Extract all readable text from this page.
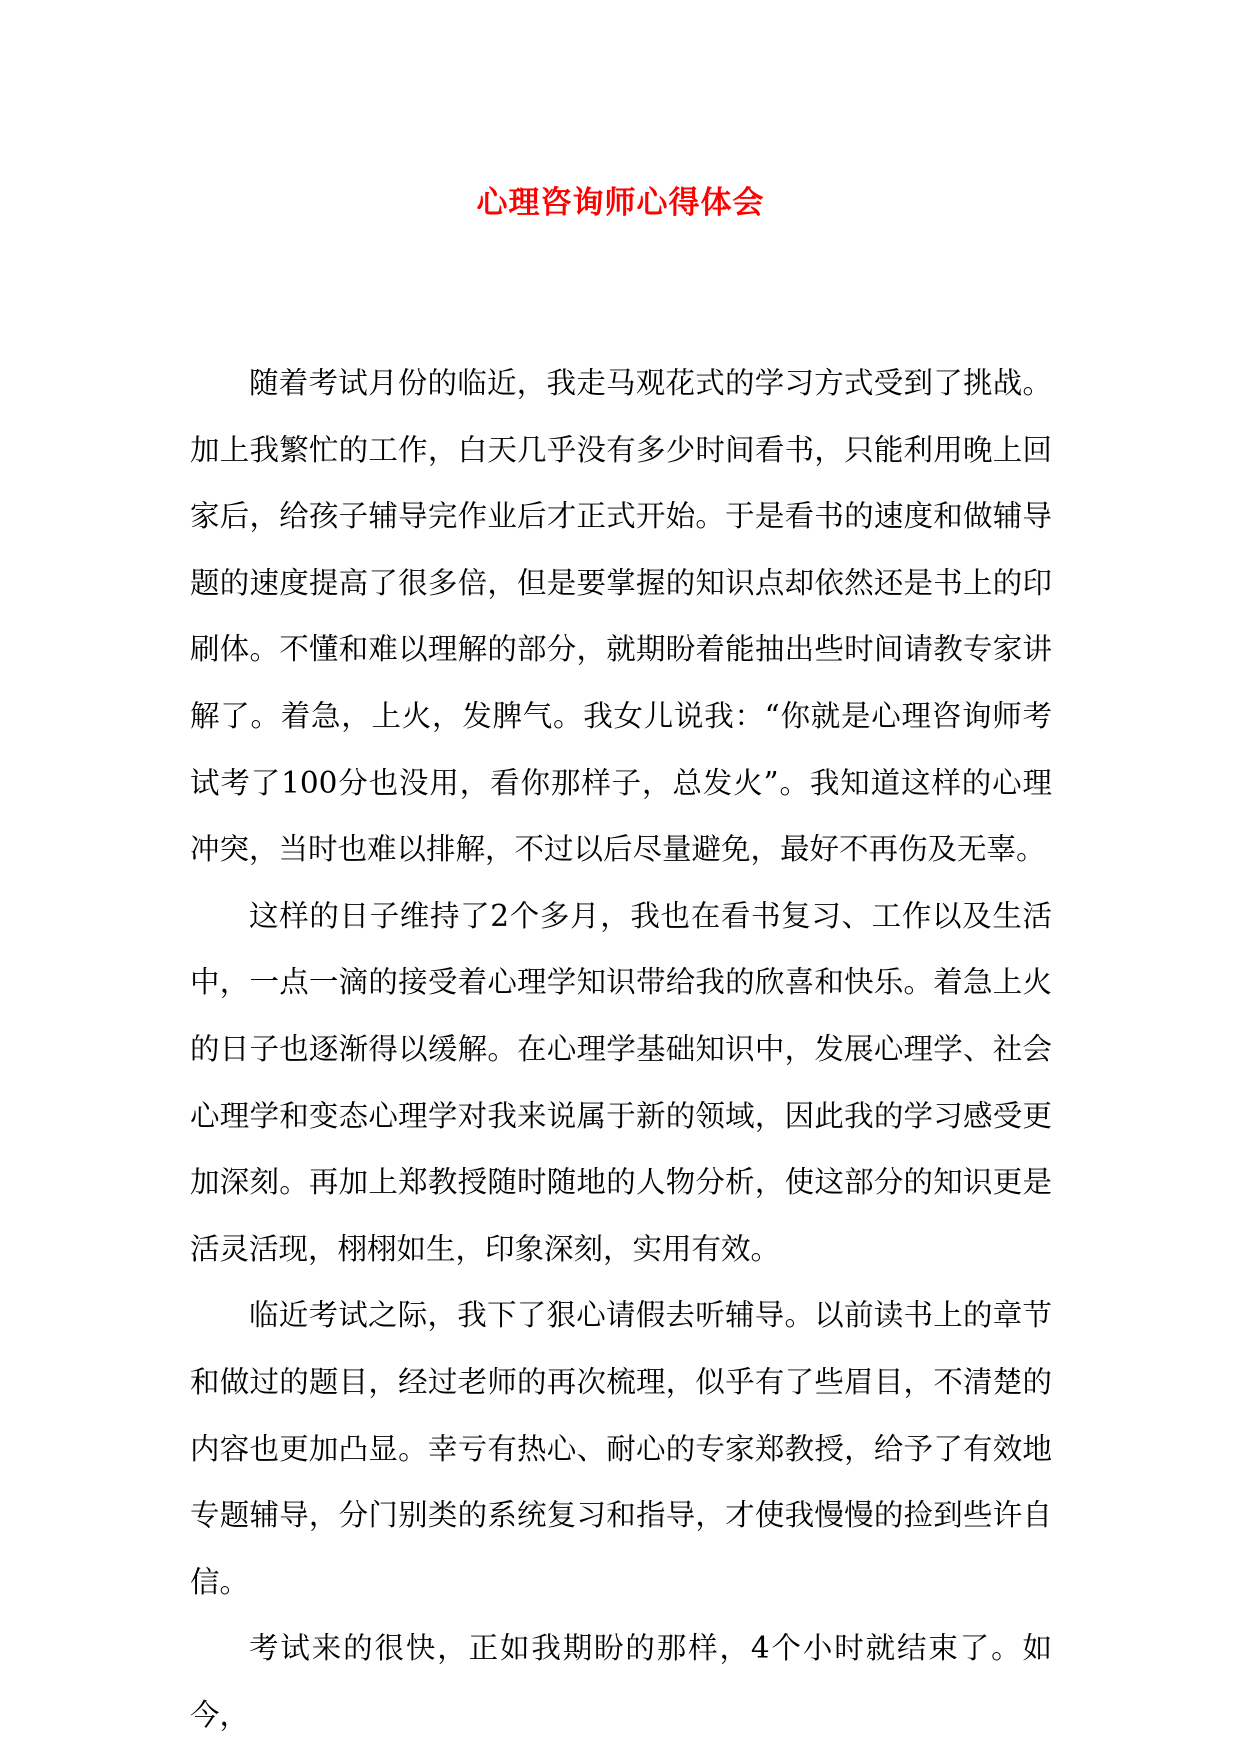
心理咨询师心得体会

随着考试月份的临近，我走马观花式的学习方式受到了挑战。加上我繁忙的工作，白天几乎没有多少时间看书，只能利用晚上回家后，给孩子辅导完作业后才正式开始。于是看书的速度和做辅导题的速度提高了很多倍，但是要掌握的知识点却依然还是书上的印刷体。不懂和难以理解的部分，就期盼着能抽出些时间请教专家讲解了。着急，上火，发脾气。我女儿说我：“你就是心理咨询师考试考了100分也没用，看你那样子，总发火”。我知道这样的心理冲突，当时也难以排解，不过以后尽量避免，最好不再伤及无辜。

这样的日子维持了2个多月，我也在看书复习、工作以及生活中，一点一滴的接受着心理学知识带给我的欣喜和快乐。着急上火的日子也逐渐得以缓解。在心理学基础知识中，发展心理学、社会心理学和变态心理学对我来说属于新的领域，因此我的学习感受更加深刻。再加上郑教授随时随地的人物分析，使这部分的知识更是活灵活现，栩栩如生，印象深刻，实用有效。

临近考试之际，我下了狠心请假去听辅导。以前读书上的章节和做过的题目，经过老师的再次梳理，似乎有了些眉目，不清楚的内容也更加凸显。幸亏有热心、耐心的专家郑教授，给予了有效地专题辅导，分门别类的系统复习和指导，才使我慢慢的捡到些许自信。

考试来的很快，正如我期盼的那样，4个小时就结束了。如今，
